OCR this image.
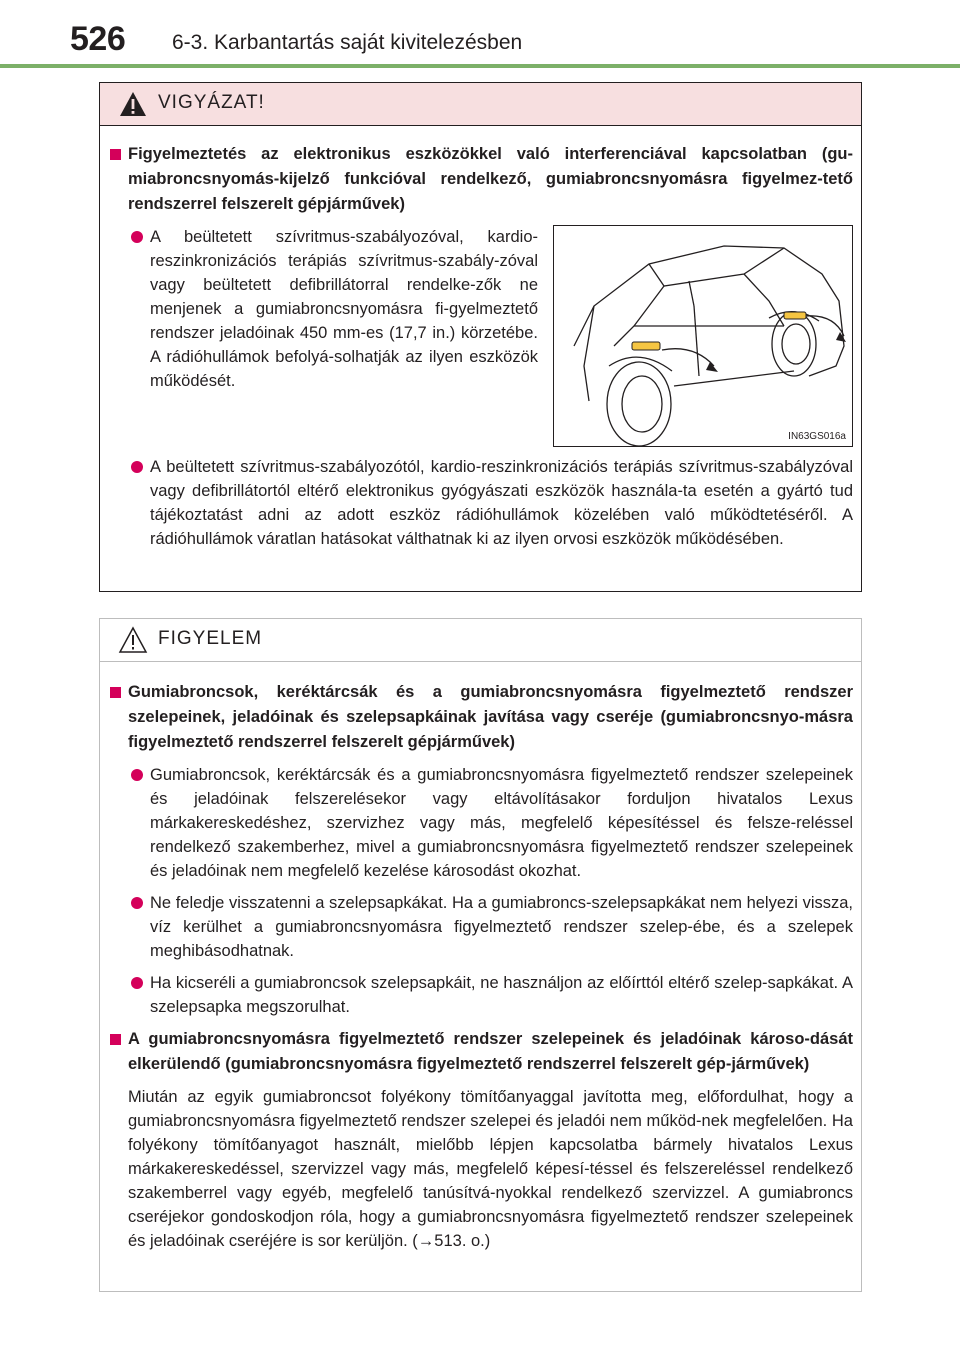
526 6-3. Karbantartás saját kivitelezésben
VIGYÁZAT!
Figyelmeztetés az elektronikus eszközökkel való interferenciával kapcsolatban (gu-miabroncsnyomás-kijelző funkcióval rendelkező, gumiabroncsnyomásra figyelmez-tető rendszerrel felszerelt gépjárművek)
A beültetett szívritmus-szabályozóval, kardio-reszinkronizációs terápiás szívritmus-szabály-zóval vagy beültetett defibrillátorral rendelke-zők ne menjenek a gumiabroncsnyomásra fi-gyelmeztető rendszer jeladóinak 450 mm-es (17,7 in.) körzetébe. A rádióhullámok befolyá-solhatják az ilyen eszközök működését.
IN63GS016a
A beültetett szívritmus-szabályozótól, kardio-reszinkronizációs terápiás szívritmus-szabályzóval vagy defibrillátortól eltérő elektronikus gyógyászati eszközök használa-ta esetén a gyártó tud tájékoztatást adni az adott eszköz rádióhullámok közelében való működtetéséről. A rádióhullámok váratlan hatásokat válthatnak ki az ilyen orvosi eszközök működésében.
FIGYELEM
Gumiabroncsok, keréktárcsák és a gumiabroncsnyomásra figyelmeztető rendszer szelepeinek, jeladóinak és szelepsapkáinak javítása vagy cseréje (gumiabroncsnyo-másra figyelmeztető rendszerrel felszerelt gépjárművek)
Gumiabroncsok, keréktárcsák és a gumiabroncsnyomásra figyelmeztető rendszer szelepeinek és jeladóinak felszerelésekor vagy eltávolításakor forduljon hivatalos Lexus márkakereskedéshez, szervizhez vagy más, megfelelő képesítéssel és felsze-reléssel rendelkező szakemberhez, mivel a gumiabroncsnyomásra figyelmeztető rendszer szelepeinek és jeladóinak nem megfelelő kezelése károsodást okozhat.
Ne feledje visszatenni a szelepsapkákat. Ha a gumiabroncs-szelepsapkákat nem helyezi vissza, víz kerülhet a gumiabroncsnyomásra figyelmeztető rendszer szelep-ébe, és a szelepek meghibásodhatnak.
Ha kicseréli a gumiabroncsok szelepsapkáit, ne használjon az előírttól eltérő szelep-sapkákat. A szelepsapka megszorulhat.
A gumiabroncsnyomásra figyelmeztető rendszer szelepeinek és jeladóinak károso-dását elkerülendő (gumiabroncsnyomásra figyelmeztető rendszerrel felszerelt gép-járművek)
Miután az egyik gumiabroncsot folyékony tömítőanyaggal javította meg, előfordulhat, hogy a gumiabroncsnyomásra figyelmeztető rendszer szelepei és jeladói nem működ-nek megfelelően. Ha folyékony tömítőanyagot használt, mielőbb lépjen kapcsolatba bármely hivatalos Lexus márkakereskedéssel, szervizzel vagy más, megfelelő képesí-téssel és felszereléssel rendelkező szakemberrel vagy egyéb, megfelelő tanúsítvá-nyokkal rendelkező szervizzel. A gumiabroncs cseréjekor gondoskodjon róla, hogy a gumiabroncsnyomásra figyelmeztető rendszer szelepeinek és jeladóinak cseréjére is sor kerüljön. (→513. o.)
